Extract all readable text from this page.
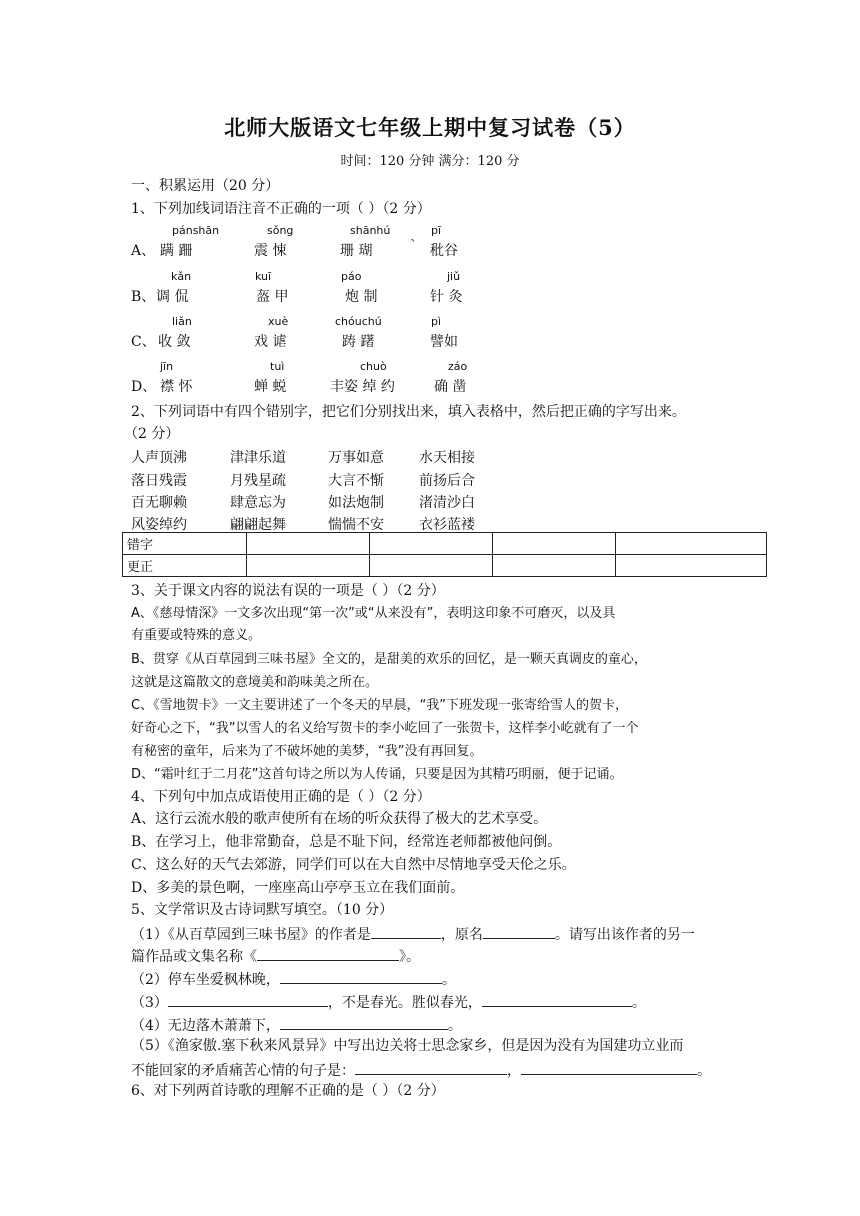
北师大版语文七年级上期中复习试卷（5）
时间：120 分钟 满分：120 分
一、积累运用（20 分）
1、下列加线词语注音不正确的一项（ ）（2 分）
pánshān	sǒng	shānhú	pī
A、 蹒 跚	震 悚	珊 瑚	` 秕谷
kǎn	kuī	páo	jiǔ
B、 调 侃	盔 甲	炮 制	针 灸
liǎn	xuè	chóuchú	pì
C、 收 敛	戏 谑	踌 躇	譬如
jīn	tuì	chuò	záo
D、 襟 怀	蝉 蜕	丰姿 绰 约	确 凿
2、下列词语中有四个错别字，把它们分别找出来，填入表格中，然后把正确的字写出来。
（2 分）
人声顶沸	津津乐道	万事如意	水天相接
落日残霞	月残星疏	大言不惭	前扬后合
百无聊赖	肆意忘为	如法炮制	渚清沙白
风姿绰约	翩翩起舞	惴惴不安	衣衫蓝褛
错字				
更正				
3、关于课文内容的说法有误的一项是（ ）（2 分）
A、《慈母情深》一文多次出现“第一次”或“从来没有”，表明这印象不可磨灭，以及具
有重要或特殊的意义。
B、贯穿《从百草园到三味书屋》全文的，是甜美的欢乐的回忆，是一颗天真调皮的童心，
这就是这篇散文的意境美和韵味美之所在。
C、《雪地贺卡》一文主要讲述了一个冬天的早晨，“我”下班发现一张寄给雪人的贺卡，
好奇心之下，“我”以雪人的名义给写贺卡的李小屹回了一张贺卡，这样李小屹就有了一个
有秘密的童年，后来为了不破坏她的美梦，“我”没有再回复。
D、“霜叶红于二月花”这首句诗之所以为人传诵，只要是因为其精巧明丽，便于记诵。
4、下列句中加点成语使用正确的是（ ）（2 分）
A、这行云流水般的歌声使所有在场的听众获得了极大的艺术享受。
B、在学习上，他非常勤奋，总是不耻下问，经常连老师都被他问倒。
C、这么好的天气去郊游，同学们可以在大自然中尽情地享受天伦之乐。
D、多美的景色啊，一座座高山亭亭玉立在我们面前。
5、文学常识及古诗词默写填空。（10 分）
（1）《从百草园到三味书屋》的作者是	，原名	。请写出该作者的另一
篇作品或文集名称《	》。
（2）停车坐爱枫林晚，	。
（3）	，不是春光。胜似春光，	。
（4）无边落木萧萧下，	。
（5）《渔家傲.塞下秋来风景异》中写出边关将士思念家乡，但是因为没有为国建功立业而
不能回家的矛盾痛苦心情的句子是：	，	。
6、对下列两首诗歌的理解不正确的是（ ）（2 分）
